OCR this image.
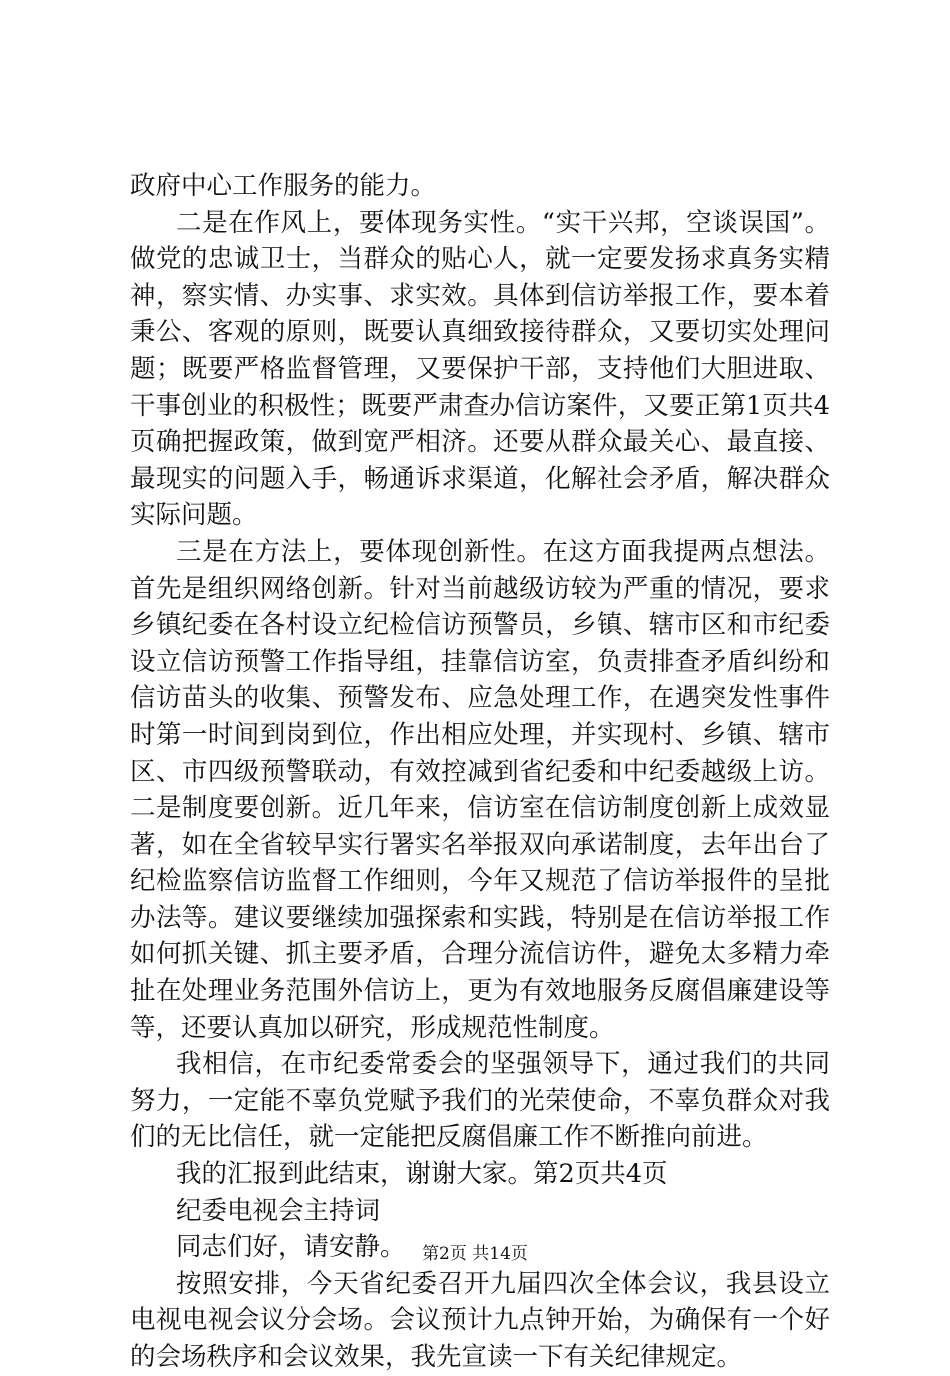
政府中心工作服务的能力。
二是在作风上，要体现务实性。“实干兴邦，空谈误国”。
做党的忠诚卫士，当群众的贴心人，就一定要发扬求真务实精
神，察实情、办实事、求实效。具体到信访举报工作，要本着
秉公、客观的原则，既要认真细致接待群众，又要切实处理问
题；既要严格监督管理，又要保护干部，支持他们大胆进取、
干事创业的积极性；既要严肃查办信访案件，又要正第1页共4
页确把握政策，做到宽严相济。还要从群众最关心、最直接、
最现实的问题入手，畅通诉求渠道，化解社会矛盾，解决群众
实际问题。
三是在方法上，要体现创新性。在这方面我提两点想法。
首先是组织网络创新。针对当前越级访较为严重的情况，要求
乡镇纪委在各村设立纪检信访预警员，乡镇、辖市区和市纪委
设立信访预警工作指导组，挂靠信访室，负责排查矛盾纠纷和
信访苗头的收集、预警发布、应急处理工作，在遇突发性事件
时第一时间到岗到位，作出相应处理，并实现村、乡镇、辖市
区、市四级预警联动，有效控减到省纪委和中纪委越级上访。
二是制度要创新。近几年来，信访室在信访制度创新上成效显
著，如在全省较早实行署实名举报双向承诺制度，去年出台了
纪检监察信访监督工作细则，今年又规范了信访举报件的呈批
办法等。建议要继续加强探索和实践，特别是在信访举报工作
如何抓关键、抓主要矛盾，合理分流信访件，避免太多精力牵
扯在处理业务范围外信访上，更为有效地服务反腐倡廉建设等
等，还要认真加以研究，形成规范性制度。
我相信，在市纪委常委会的坚强领导下，通过我们的共同
努力，一定能不辜负党赋予我们的光荣使命，不辜负群众对我
们的无比信任，就一定能把反腐倡廉工作不断推向前进。
我的汇报到此结束，谢谢大家。第2页共4页
纪委电视会主持词
同志们好，请安静。
按照安排，今天省纪委召开九届四次全体会议，我县设立
电视电视会议分会场。会议预计九点钟开始，为确保有一个好
的会场秩序和会议效果，我先宣读一下有关纪律规定。
第2页 共14页
